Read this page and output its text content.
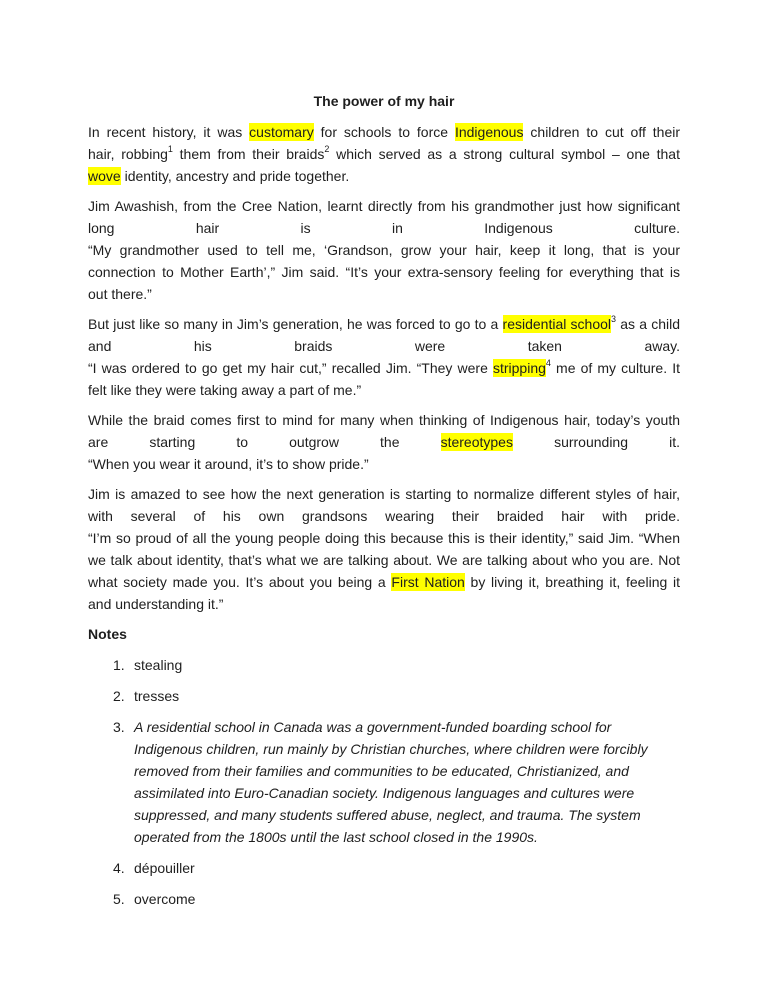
The power of my hair
In recent history, it was customary for schools to force Indigenous children to cut off their
hair, robbing$^1$ them from their braids$^2$ which served as a strong cultural symbol – one that
wove identity, ancestry and pride together.
Jim Awashish, from the Cree Nation, learnt directly from his grandmother just how significant
long hair is in Indigenous culture.
“My grandmother used to tell me, ‘Grandson, grow your hair, keep it long, that is your
connection to Mother Earth’,” Jim said. “It’s your extra-sensory feeling for everything that is
out there.”
But just like so many in Jim’s generation, he was forced to go to a residential school$^3$ as a child
and his braids were taken away.
“I was ordered to go get my hair cut,” recalled Jim. “They were stripping$^4$ me of my culture. It
felt like they were taking away a part of me.”
While the braid comes first to mind for many when thinking of Indigenous hair, today’s youth
are starting to outgrow the stereotypes surrounding it.
“When you wear it around, it’s to show pride.”
Jim is amazed to see how the next generation is starting to normalize different styles of hair,
with several of his own grandsons wearing their braided hair with pride.
“I’m so proud of all the young people doing this because this is their identity,” said Jim. “When
we talk about identity, that’s what we are talking about. We are talking about who you are. Not
what society made you. It’s about you being a First Nation by living it, breathing it, feeling it
and understanding it.”
Notes
1. stealing
2. tresses
3. A residential school in Canada was a government-funded boarding school for Indigenous children, run mainly by Christian churches, where children were forcibly removed from their families and communities to be educated, Christianized, and assimilated into Euro-Canadian society. Indigenous languages and cultures were suppressed, and many students suffered abuse, neglect, and trauma. The system operated from the 1800s until the last school closed in the 1990s.
4. dépouiller
5. overcome
